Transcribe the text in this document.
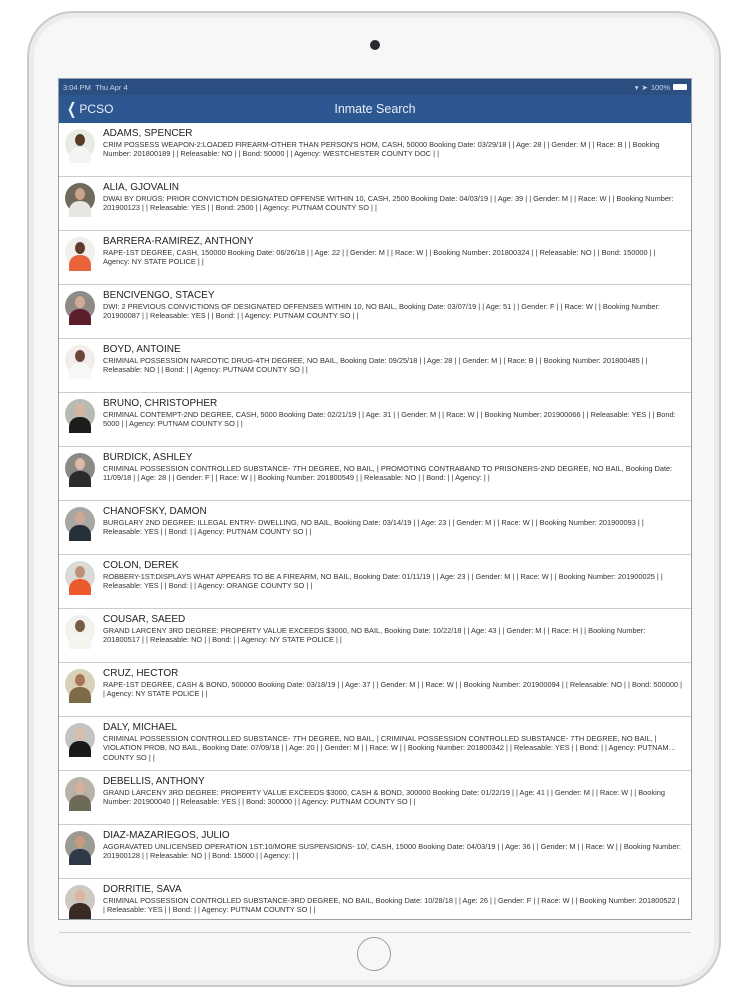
3:04 PM Thu Apr 4	▾ ➤ 100%
❮ PCSO	Inmate Search
ADAMS, SPENCER
CRIM POSSESS WEAPON-2:LOADED FIREARM-OTHER THAN PERSON'S HOM, CASH, 50000 Booking Date: 03/29/18 | | Age: 28 | | Gender: M | | Race: B | | Booking Number: 201800189 | | Releasable: NO | | Bond: 50000 | | Agency: WESTCHESTER COUNTY DOC | |
ALIA, GJOVALIN
DWAI BY DRUGS: PRIOR CONVICTION DESIGNATED OFFENSE WITHIN 10, CASH, 2500 Booking Date: 04/03/19 | | Age: 39 | | Gender: M | | Race: W | | Booking Number: 201900123 | | Releasable: YES | | Bond: 2500 | | Agency: PUTNAM COUNTY SO | |
BARRERA-RAMIREZ, ANTHONY
RAPE-1ST DEGREE, CASH, 150000 Booking Date: 06/26/18 | | Age: 22 | | Gender: M | | Race: W | | Booking Number: 201800324 | | Releasable: NO | | Bond: 150000 | | Agency: NY STATE POLICE | |
BENCIVENGO, STACEY
DWI: 2 PREVIOUS CONVICTIONS OF DESIGNATED OFFENSES WITHIN 10, NO BAIL, Booking Date: 03/07/19 | | Age: 51 | | Gender: F | | Race: W | | Booking Number: 201900087 | | Releasable: YES | | Bond: | | Agency: PUTNAM COUNTY SO | |
BOYD, ANTOINE
CRIMINAL POSSESSION NARCOTIC DRUG-4TH DEGREE, NO BAIL, Booking Date: 09/25/18 | | Age: 28 | | Gender: M | | Race: B | | Booking Number: 201800485 | | Releasable: NO | | Bond: | | Agency: PUTNAM COUNTY SO | |
BRUNO, CHRISTOPHER
CRIMINAL CONTEMPT-2ND DEGREE, CASH, 5000 Booking Date: 02/21/19 | | Age: 31 | | Gender: M | | Race: W | | Booking Number: 201900066 | | Releasable: YES | | Bond: 5000 | | Agency: PUTNAM COUNTY SO | |
BURDICK, ASHLEY
CRIMINAL POSSESSION CONTROLLED SUBSTANCE- 7TH DEGREE, NO BAIL, | PROMOTING CONTRABAND TO PRISONERS-2ND DEGREE, NO BAIL, Booking Date: 11/09/18 | | Age: 28 | | Gender: F | | Race: W | | Booking Number: 201800549 | | Releasable: NO | | Bond: | | Agency: | |
CHANOFSKY, DAMON
BURGLARY 2ND DEGREE: ILLEGAL ENTRY- DWELLING, NO BAIL, Booking Date: 03/14/19 | | Age: 23 | | Gender: M | | Race: W | | Booking Number: 201900093 | | Releasable: YES | | Bond: | | Agency: PUTNAM COUNTY SO | |
COLON, DEREK
ROBBERY-1ST:DISPLAYS WHAT APPEARS TO BE A FIREARM, NO BAIL, Booking Date: 01/11/19 | | Age: 23 | | Gender: M | | Race: W | | Booking Number: 201900025 | | Releasable: YES | | Bond: | | Agency: ORANGE COUNTY SO | |
COUSAR, SAEED
GRAND LARCENY 3RD DEGREE: PROPERTY VALUE EXCEEDS $3000, NO BAIL, Booking Date: 10/22/18 | | Age: 43 | | Gender: M | | Race: H | | Booking Number: 201800517 | | Releasable: NO | | Bond: | | Agency: NY STATE POLICE | |
CRUZ, HECTOR
RAPE-1ST DEGREE, CASH & BOND, 500000 Booking Date: 03/18/19 | | Age: 37 | | Gender: M | | Race: W | | Booking Number: 201900094 | | Releasable: NO | | Bond: 500000 | | Agency: NY STATE POLICE | |
DALY, MICHAEL
CRIMINAL POSSESSION CONTROLLED SUBSTANCE- 7TH DEGREE, NO BAIL, | CRIMINAL POSSESSION CONTROLLED SUBSTANCE- 7TH DEGREE, NO BAIL, | VIOLATION PROB, NO BAIL, Booking Date: 07/09/18 | | Age: 20 | | Gender: M | | Race: W | | Booking Number: 201800342 | | Releasable: YES | | Bond: | | Agency: PUTNAM COUNTY SO | |
DEBELLIS, ANTHONY
GRAND LARCENY 3RD DEGREE: PROPERTY VALUE EXCEEDS $3000, CASH & BOND, 300000 Booking Date: 01/22/19 | | Age: 41 | | Gender: M | | Race: W | | Booking Number: 201900040 | | Releasable: YES | | Bond: 300000 | | Agency: PUTNAM COUNTY SO | |
DIAZ-MAZARIEGOS, JULIO
AGGRAVATED UNLICENSED OPERATION 1ST:10/MORE SUSPENSIONS- 10/, CASH, 15000 Booking Date: 04/03/19 | | Age: 36 | | Gender: M | | Race: W | | Booking Number: 201900128 | | Releasable: NO | | Bond: 15000 | | Agency: | |
DORRITIE, SAVA
CRIMINAL POSSESSION CONTROLLED SUBSTANCE-3RD DEGREE, NO BAIL, Booking Date: 10/28/18 | | Age: 26 | | Gender: F | | Race: W | | Booking Number: 201800522 | | Releasable: YES | | Bond: | | Agency: PUTNAM COUNTY SO | |
